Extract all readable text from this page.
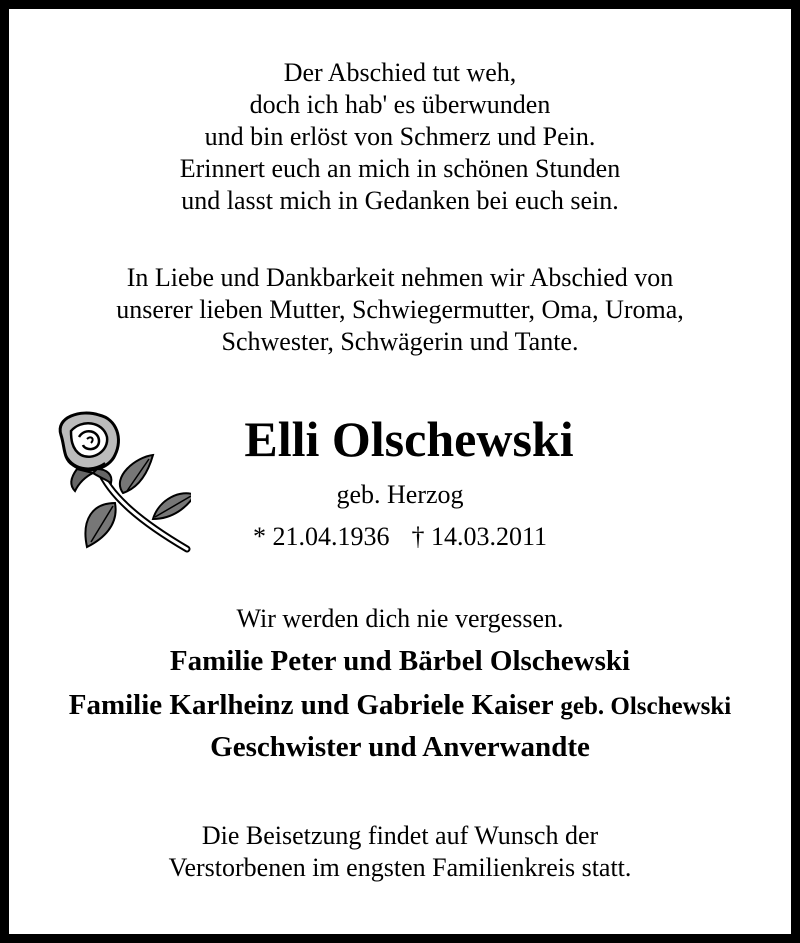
Der Abschied tut weh,
doch ich hab' es überwunden
und bin erlöst von Schmerz und Pein.
Erinnert euch an mich in schönen Stunden
und lasst mich in Gedanken bei euch sein.
In Liebe und Dankbarkeit nehmen wir Abschied von
unserer lieben Mutter, Schwiegermutter, Oma, Uroma,
Schwester, Schwägerin und Tante.
Elli Olschewski
geb. Herzog
* 21.04.1936 † 14.03.2011
Wir werden dich nie vergessen.
Familie Peter und Bärbel Olschewski
Familie Karlheinz und Gabriele Kaiser geb. Olschewski
Geschwister und Anverwandte
Die Beisetzung findet auf Wunsch der
Verstorbenen im engsten Familienkreis statt.
